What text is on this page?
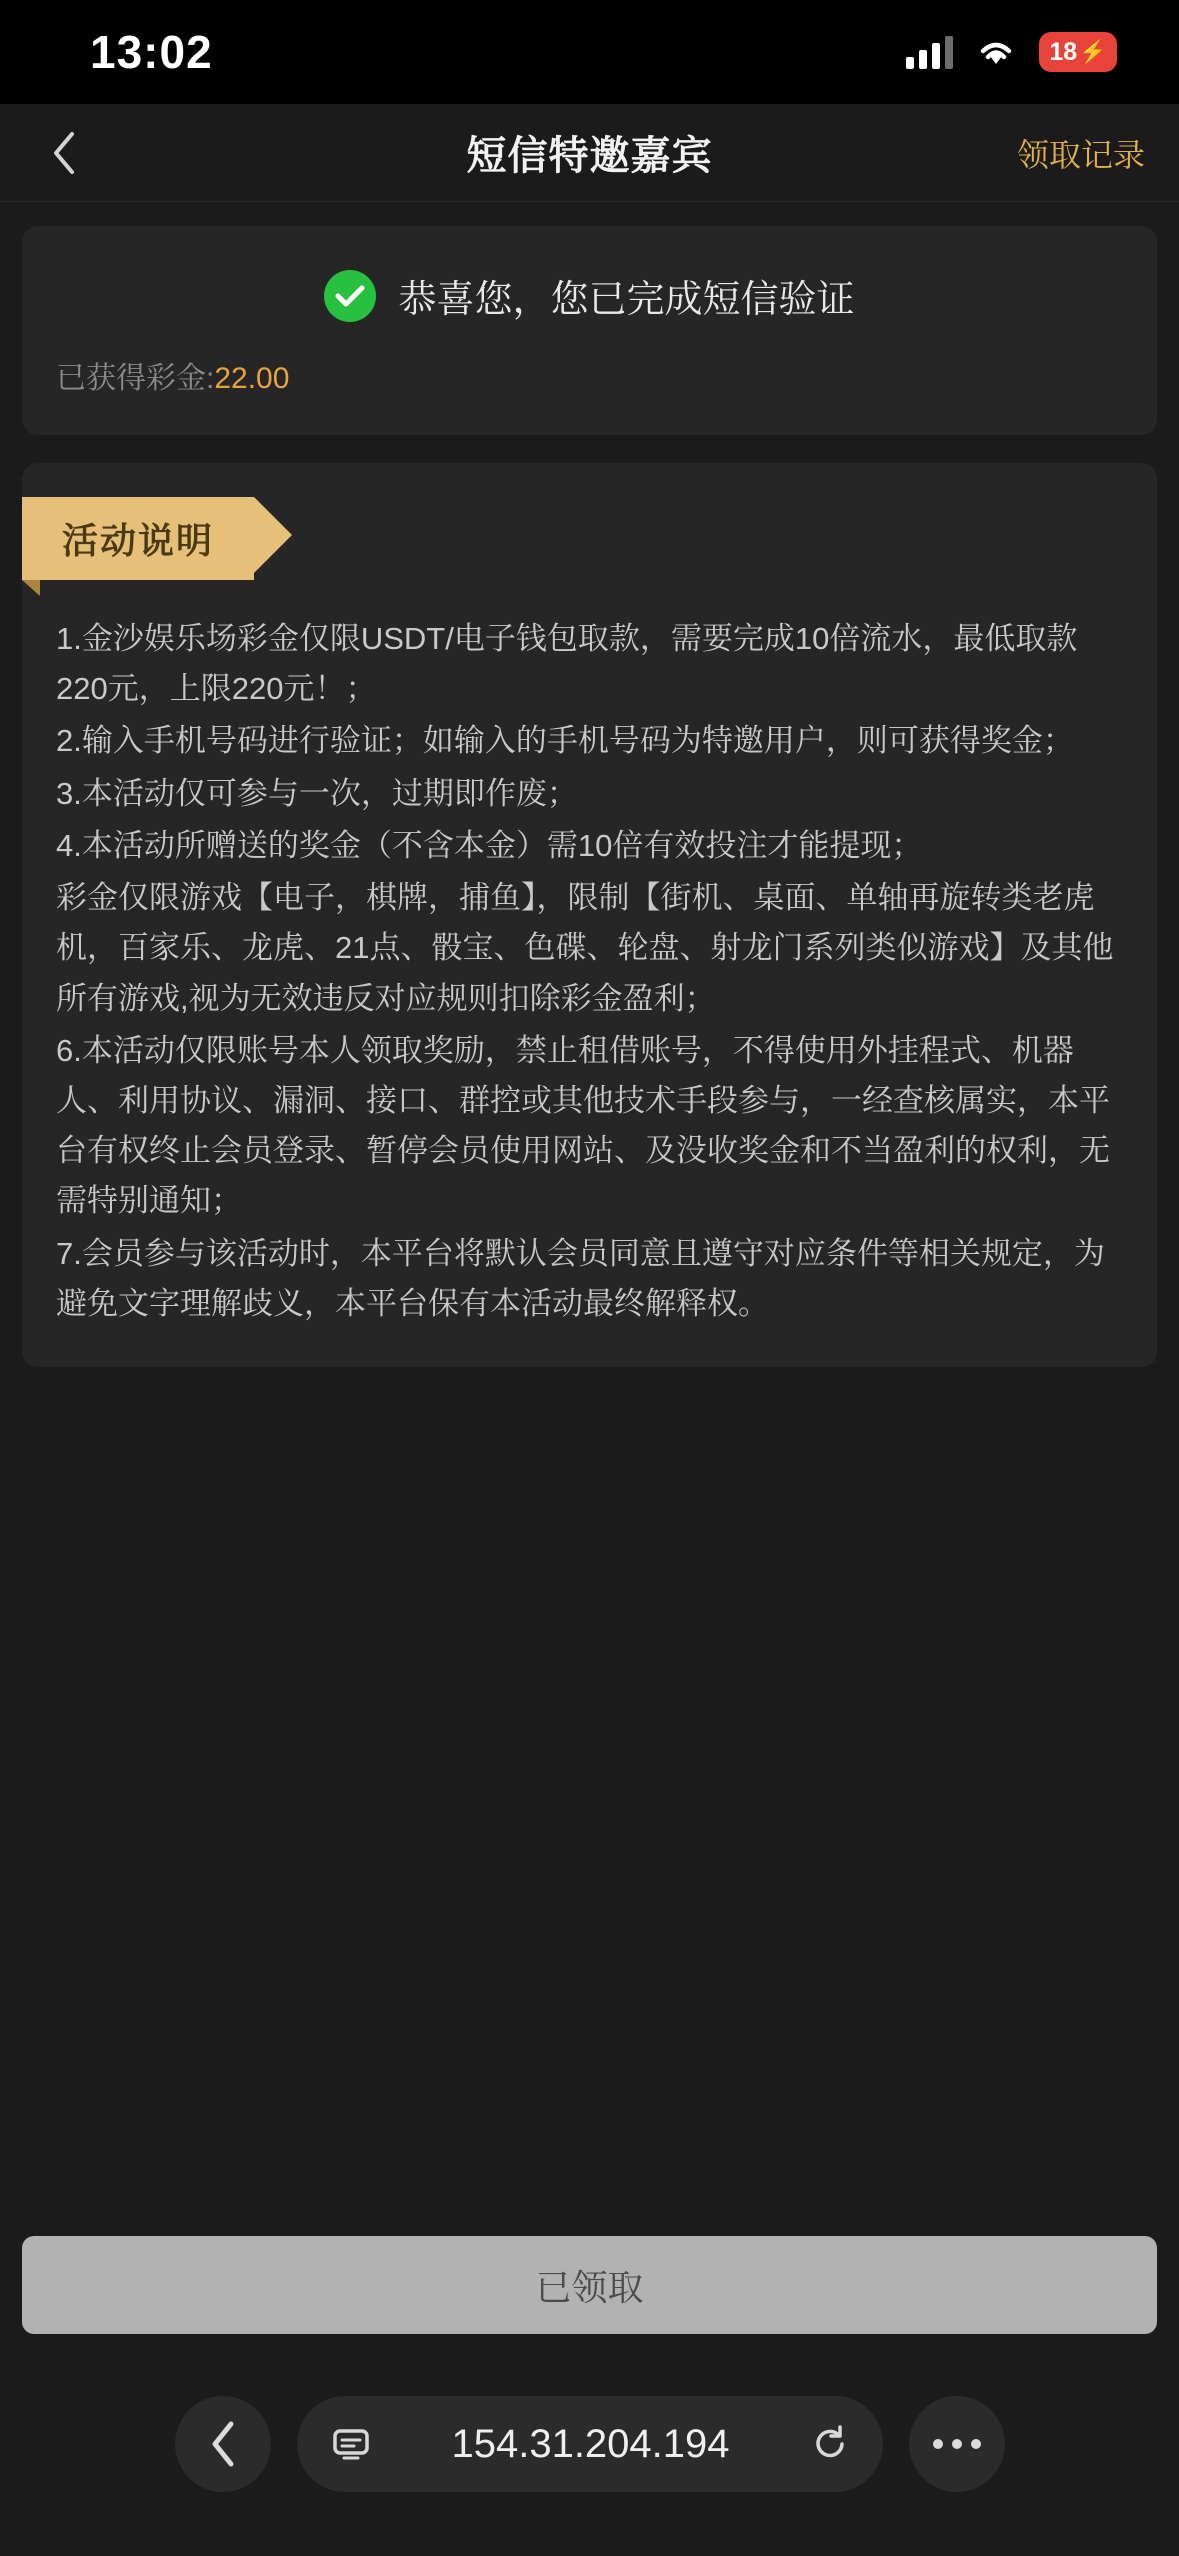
13:02	18 ⚡
短信特邀嘉宾	领取记录
恭喜您，您已完成短信验证
已获得彩金:22.00
活动说明

1.金沙娱乐场彩金仅限USDT/电子钱包取款，需要完成10倍流水，最低取款220元，上限220元！；

2.输入手机号码进行验证；如输入的手机号码为特邀用户，则可获得奖金；

3.本活动仅可参与一次，过期即作废；

4.本活动所赠送的奖金（不含本金）需10倍有效投注才能提现；

彩金仅限游戏【电子，棋牌，捕鱼】，限制【街机、桌面、单轴再旋转类老虎机，百家乐、龙虎、21点、骰宝、色碟、轮盘、射龙门系列类似游戏】及其他所有游戏,视为无效违反对应规则扣除彩金盈利；

6.本活动仅限账号本人领取奖励，禁止租借账号，不得使用外挂程式、机器人、利用协议、漏洞、接口、群控或其他技术手段参与，一经查核属实，本平台有权终止会员登录、暂停会员使用网站、及没收奖金和不当盈利的权利，无需特别通知；

7.会员参与该活动时，本平台将默认会员同意且遵守对应条件等相关规定，为避免文字理解歧义，本平台保有本活动最终解释权。

已领取
154.31.204.194
